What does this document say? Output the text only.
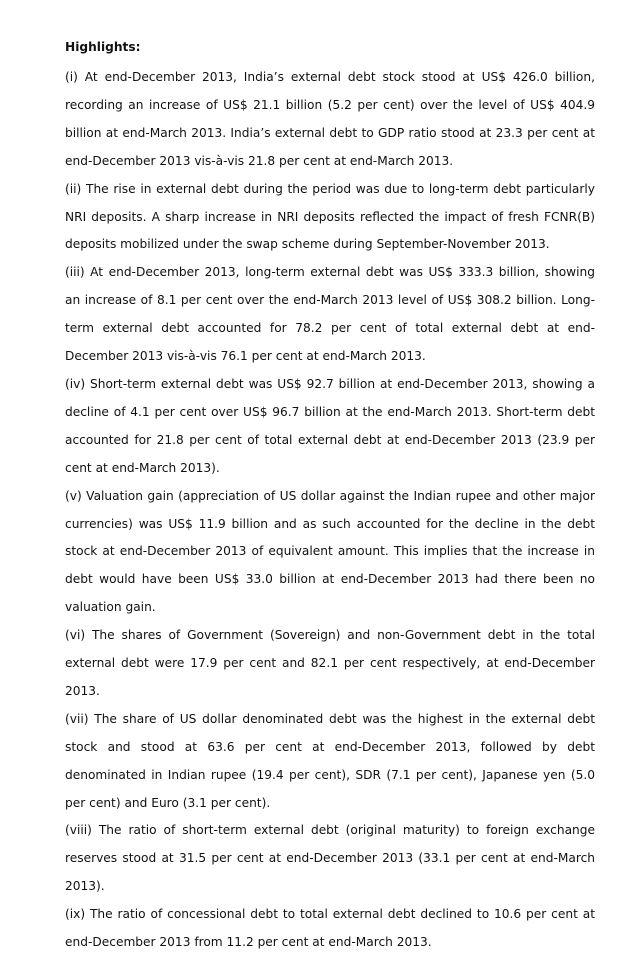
Highlights:

(i) At end-December 2013, India’s external debt stock stood at US$ 426.0 billion, recording an increase of US$ 21.1 billion (5.2 per cent) over the level of US$ 404.9 billion at end-March 2013. India’s external debt to GDP ratio stood at 23.3 per cent at end-December 2013 vis-à-vis 21.8 per cent at end-March 2013.

(ii) The rise in external debt during the period was due to long-term debt particularly NRI deposits. A sharp increase in NRI deposits reflected the impact of fresh FCNR(B) deposits mobilized under the swap scheme during September-November 2013.

(iii) At end-December 2013, long-term external debt was US$ 333.3 billion, showing an increase of 8.1 per cent over the end-March 2013 level of US$ 308.2 billion. Long-term external debt accounted for 78.2 per cent of total external debt at end-December 2013 vis-à-vis 76.1 per cent at end-March 2013.

(iv) Short-term external debt was US$ 92.7 billion at end-December 2013, showing a decline of 4.1 per cent over US$ 96.7 billion at the end-March 2013. Short-term debt accounted for 21.8 per cent of total external debt at end-December 2013 (23.9 per cent at end-March 2013).

(v) Valuation gain (appreciation of US dollar against the Indian rupee and other major currencies) was US$ 11.9 billion and as such accounted for the decline in the debt stock at end-December 2013 of equivalent amount. This implies that the increase in debt would have been US$ 33.0 billion at end-December 2013 had there been no valuation gain.

(vi) The shares of Government (Sovereign) and non-Government debt in the total external debt were 17.9 per cent and 82.1 per cent respectively, at end-December 2013.

(vii) The share of US dollar denominated debt was the highest in the external debt stock and stood at 63.6 per cent at end-December 2013, followed by debt denominated in Indian rupee (19.4 per cent), SDR (7.1 per cent), Japanese yen (5.0 per cent) and Euro (3.1 per cent).

(viii) The ratio of short-term external debt (original maturity) to foreign exchange reserves stood at 31.5 per cent at end-December 2013 (33.1 per cent at end-March 2013).

(ix) The ratio of concessional debt to total external debt declined to 10.6 per cent at end-December 2013 from 11.2 per cent at end-March 2013.
